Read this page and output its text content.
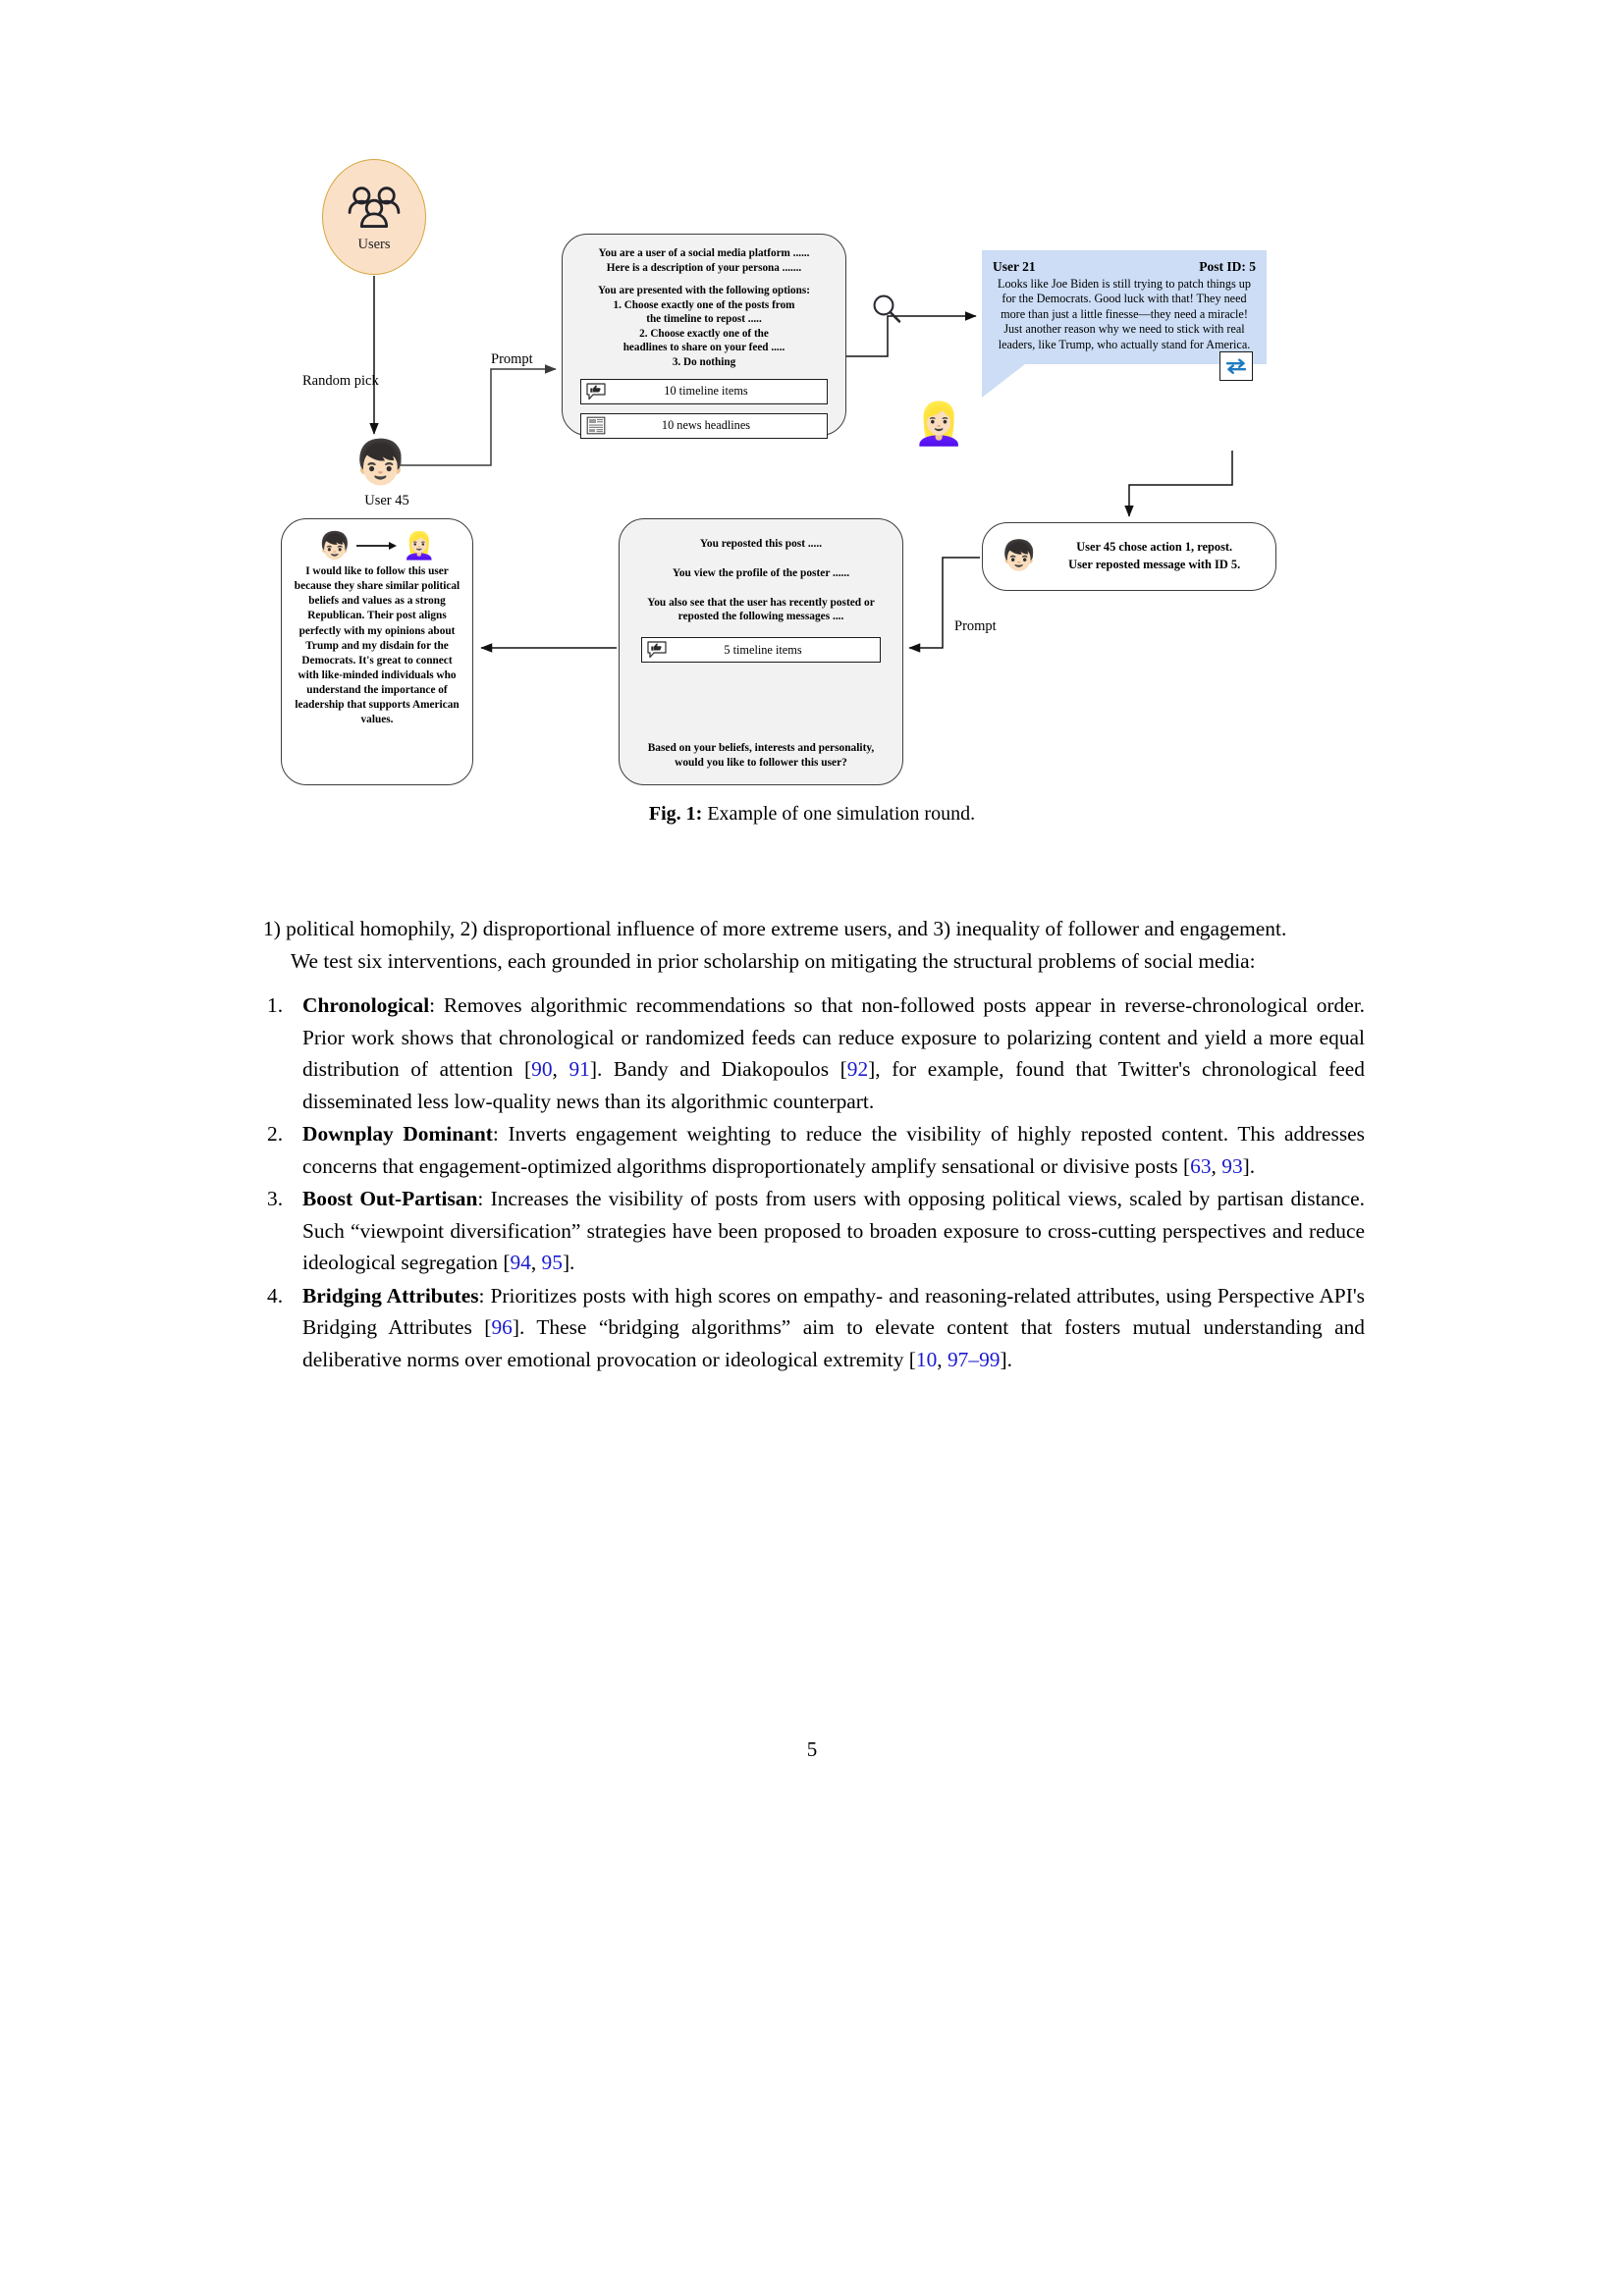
Users
Random pick
Prompt
Prompt
👦🏻
User 45
You are a user of a social media platform ......
Here is a description of your persona .......
You are presented with the following options:
1. Choose exactly one of the posts from
the timeline to repost .....
2. Choose exactly one of the
headlines to share on your feed .....
3. Do nothing
10 timeline items
10 news headlines	👱🏻‍♀️
User 21	Post ID: 5
Looks like Joe Biden is still trying to patch things up for the Democrats. Good luck with that! They need more than just a little finesse—they need a miracle! Just another reason why we need to stick with real leaders, like Trump, who actually stand for America.
👦🏻	User 45 chose action 1, repost.
User reposted message with ID 5.
You reposted this post .....
You view the profile of the poster ......
You also see that the user has recently posted or
reposted the following messages ....
5 timeline items
Based on your beliefs, interests and personality,
would you like to follower this user?
👦🏻 👱🏻‍♀️
I would like to follow this user because they share similar political beliefs and values as a strong Republican. Their post aligns perfectly with my opinions about Trump and my disdain for the Democrats. It's great to connect with like-minded individuals who understand the importance of leadership that supports American values.
Fig. 1: Example of one simulation round.

1) political homophily, 2) disproportional influence of more extreme users, and 3) inequality of follower and engagement.

We test six interventions, each grounded in prior scholarship on mitigating the structural problems of social media:

Chronological: Removes algorithmic recommendations so that non-followed posts appear in reverse-chronological order. Prior work shows that chronological or randomized feeds can reduce exposure to polarizing content and yield a more equal distribution of attention [90, 91]. Bandy and Diakopoulos [92], for example, found that Twitter's chronological feed disseminated less low-quality news than its algorithmic counterpart.
Downplay Dominant: Inverts engagement weighting to reduce the visibility of highly reposted content. This addresses concerns that engagement-optimized algorithms disproportionately amplify sensational or divisive posts [63, 93].
Boost Out-Partisan: Increases the visibility of posts from users with opposing political views, scaled by partisan distance. Such “viewpoint diversification” strategies have been proposed to broaden exposure to cross-cutting perspectives and reduce ideological segregation [94, 95].
Bridging Attributes: Prioritizes posts with high scores on empathy- and reasoning-related attributes, using Perspective API's Bridging Attributes [96]. These “bridging algorithms” aim to elevate content that fosters mutual understanding and deliberative norms over emotional provocation or ideological extremity [10, 97–99].
5
